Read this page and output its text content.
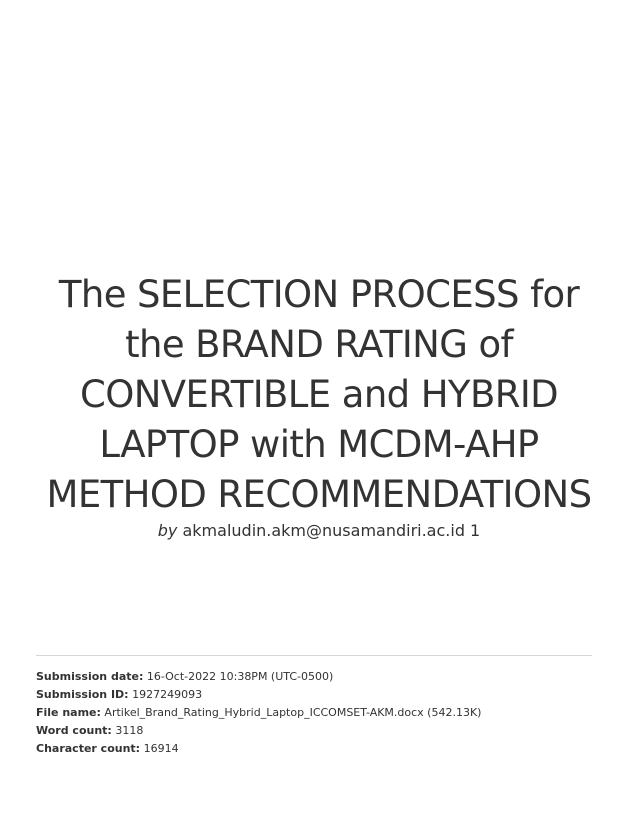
The SELECTION PROCESS for
the BRAND RATING of
CONVERTIBLE and HYBRID
LAPTOP with MCDM-AHP
METHOD RECOMMENDATIONS
by akmaludin.akm@nusamandiri.ac.id 1
Submission date: 16-Oct-2022 10:38PM (UTC-0500)
Submission ID: 1927249093
File name: Artikel_Brand_Rating_Hybrid_Laptop_ICCOMSET-AKM.docx (542.13K)
Word count: 3118
Character count: 16914
